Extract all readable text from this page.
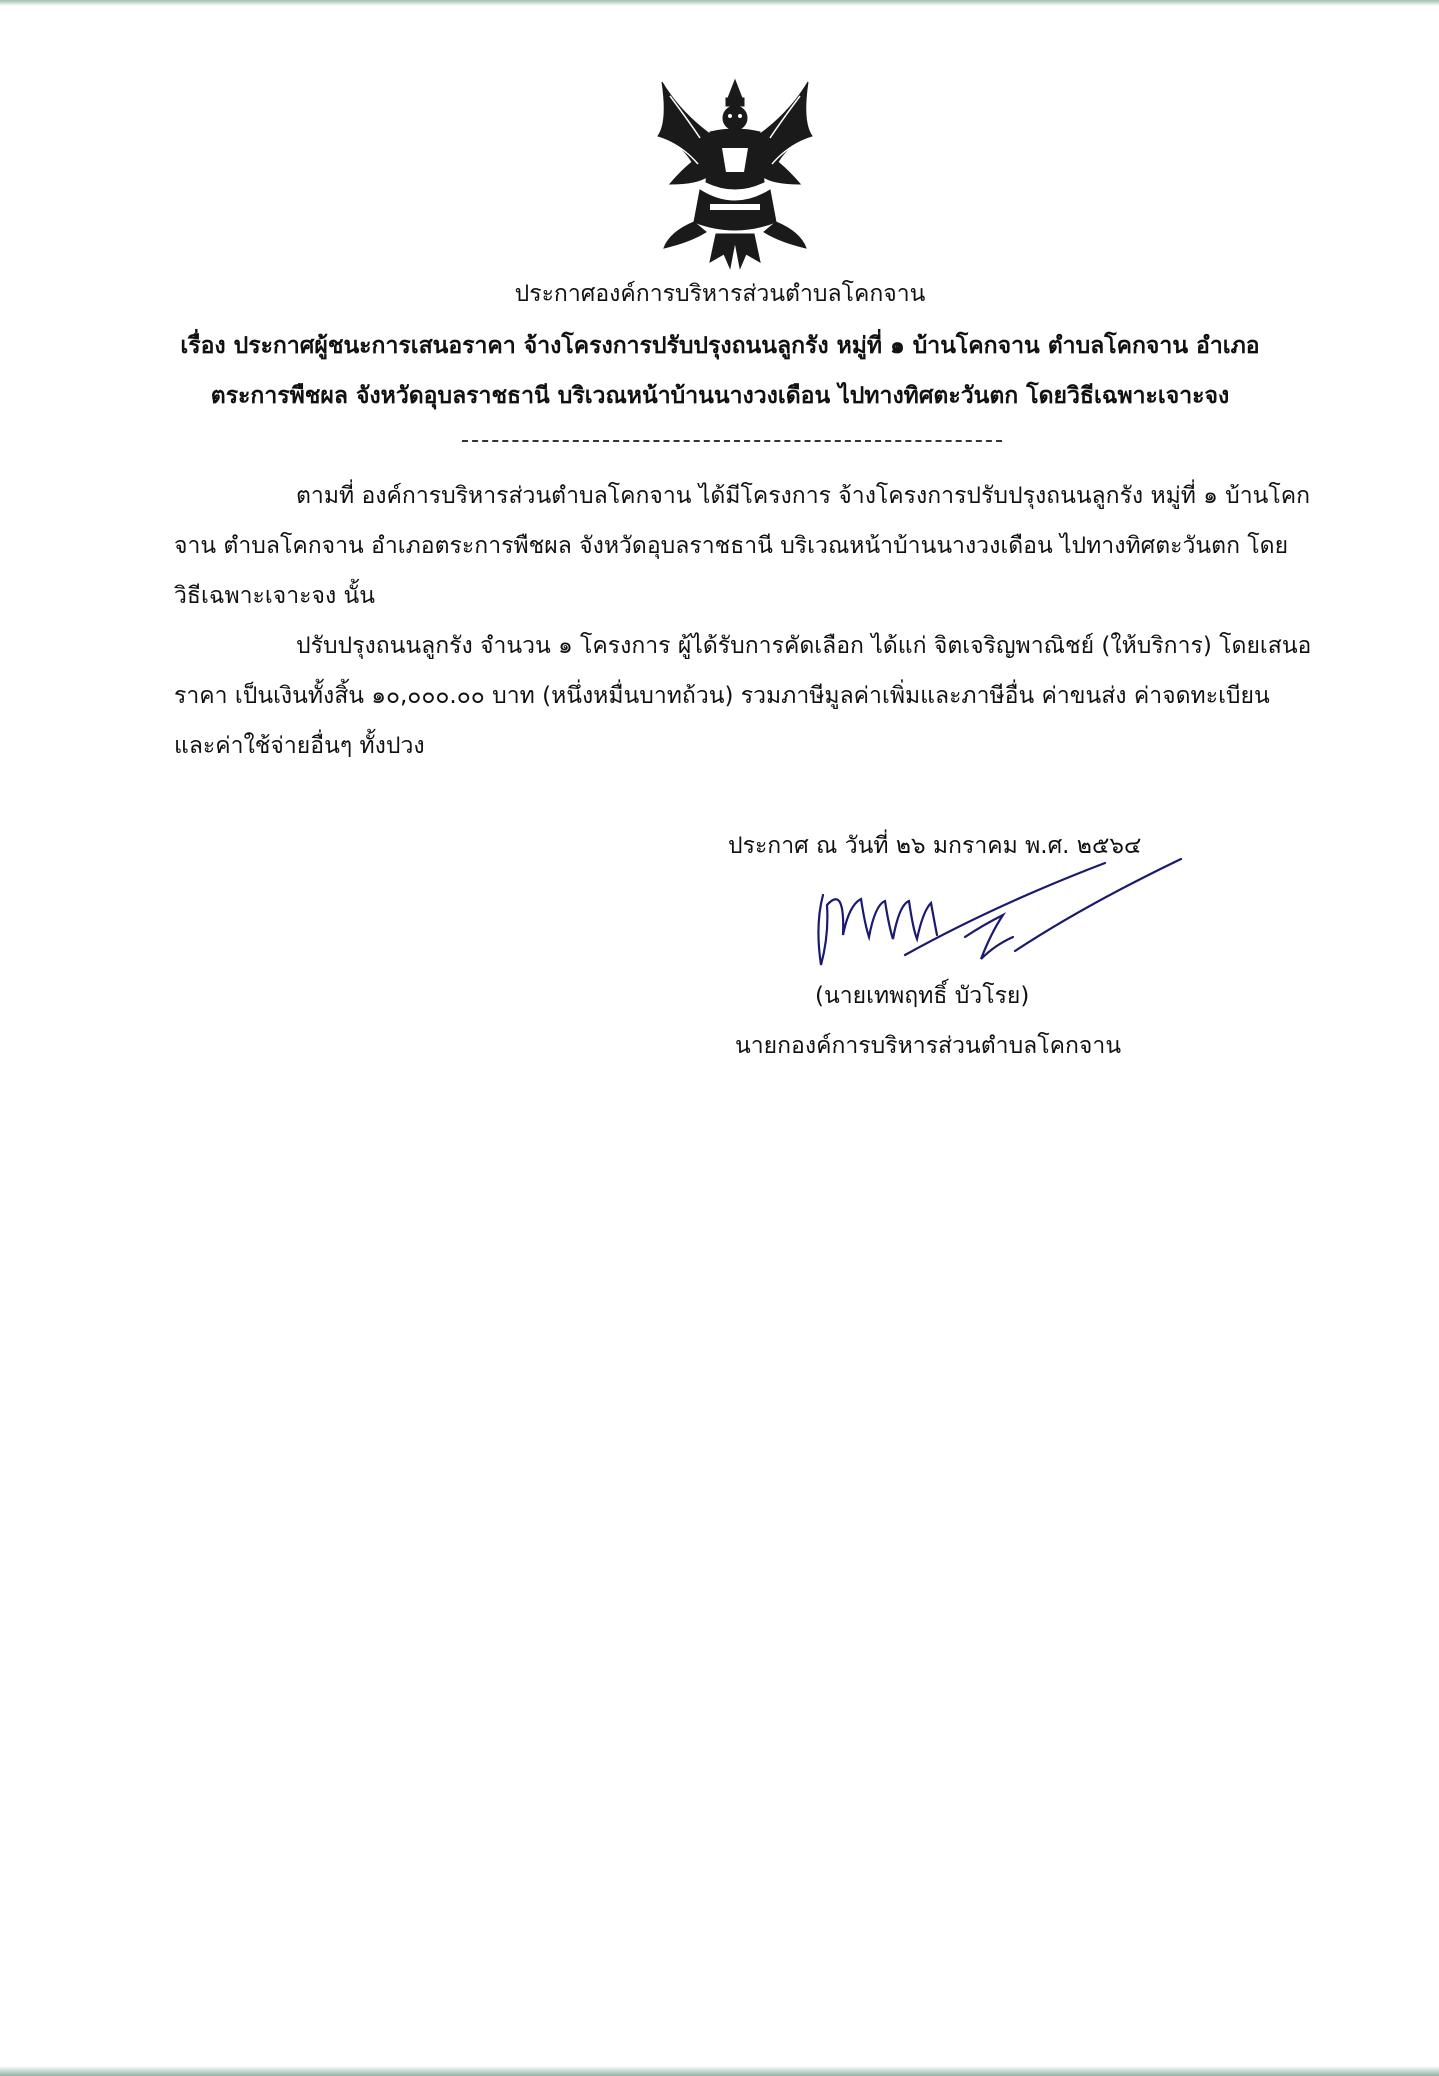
ประกาศองค์การบริหารส่วนตำบลโคกจาน
เรื่อง ประกาศผู้ชนะการเสนอราคา จ้างโครงการปรับปรุงถนนลูกรัง หมู่ที่ ๑ บ้านโคกจาน ตำบลโคกจาน อำเภอ
ตระการพืชผล จังหวัดอุบลราชธานี บริเวณหน้าบ้านนางวงเดือน ไปทางทิศตะวันตก โดยวิธีเฉพาะเจาะจง
ตามที่ องค์การบริหารส่วนตำบลโคกจาน ได้มีโครงการ จ้างโครงการปรับปรุงถนนลูกรัง หมู่ที่ ๑ บ้านโคก
จาน ตำบลโคกจาน อำเภอตระการพืชผล จังหวัดอุบลราชธานี บริเวณหน้าบ้านนางวงเดือน ไปทางทิศตะวันตก โดย
วิธีเฉพาะเจาะจง นั้น
ปรับปรุงถนนลูกรัง จำนวน ๑ โครงการ ผู้ได้รับการคัดเลือก ได้แก่ จิตเจริญพาณิชย์ (ให้บริการ) โดยเสนอ
ราคา เป็นเงินทั้งสิ้น ๑๐,๐๐๐.๐๐ บาท (หนึ่งหมื่นบาทถ้วน) รวมภาษีมูลค่าเพิ่มและภาษีอื่น ค่าขนส่ง ค่าจดทะเบียน
และค่าใช้จ่ายอื่นๆ ทั้งปวง
ประกาศ ณ วันที่ ๒๖ มกราคม พ.ศ. ๒๕๖๔
(นายเทพฤทธิ์ บัวโรย)
นายกองค์การบริหารส่วนตำบลโคกจาน
